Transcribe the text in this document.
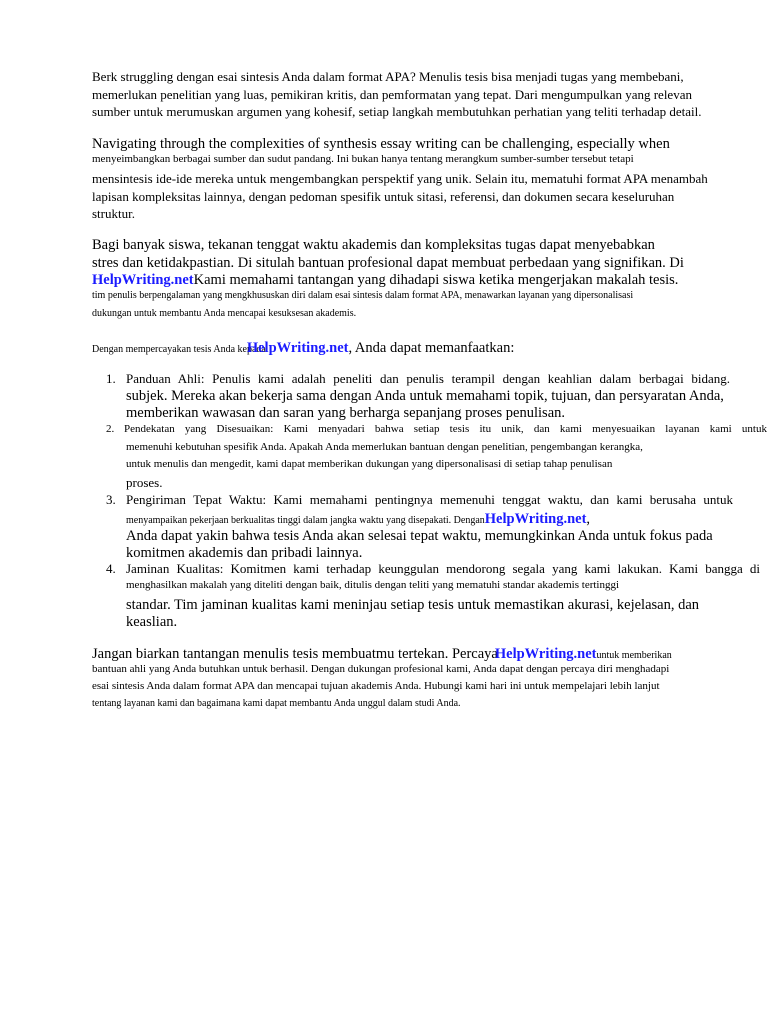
Berk struggling dengan esai sintesis Anda dalam format APA? Menulis tesis bisa menjadi tugas yang membebani,
memerlukan penelitian yang luas, pemikiran kritis, dan pemformatan yang tepat. Dari mengumpulkan yang relevan
sumber untuk merumuskan argumen yang kohesif, setiap langkah membutuhkan perhatian yang teliti terhadap detail.
Navigating through the complexities of synthesis essay writing can be challenging, especially when
menyeimbangkan berbagai sumber dan sudut pandang. Ini bukan hanya tentang merangkum sumber-sumber tersebut tetapi
mensintesis ide-ide mereka untuk mengembangkan perspektif yang unik. Selain itu, mematuhi format APA menambah
lapisan kompleksitas lainnya, dengan pedoman spesifik untuk sitasi, referensi, dan dokumen secara keseluruhan
struktur.
Bagi banyak siswa, tekanan tenggat waktu akademis dan kompleksitas tugas dapat menyebabkan
stres dan ketidakpastian. Di situlah bantuan profesional dapat membuat perbedaan yang signifikan. Di
HelpWriting.netKami memahami tantangan yang dihadapi siswa ketika mengerjakan makalah tesis.
tim penulis berpengalaman yang mengkhususkan diri dalam esai sintesis dalam format APA, menawarkan layanan yang dipersonalisasi
dukungan untuk membantu Anda mencapai kesuksesan akademis.
Dengan mempercayakan tesis Anda kepadaHelpWriting.net, Anda dapat memanfaatkan:
1. Panduan Ahli: Penulis kami adalah peneliti dan penulis terampil dengan keahlian dalam berbagai bidang.
subjek. Mereka akan bekerja sama dengan Anda untuk memahami topik, tujuan, dan persyaratan Anda,
memberikan wawasan dan saran yang berharga sepanjang proses penulisan.
2. Pendekatan yang Disesuaikan: Kami menyadari bahwa setiap tesis itu unik, dan kami menyesuaikan layanan kami untuk
memenuhi kebutuhan spesifik Anda. Apakah Anda memerlukan bantuan dengan penelitian, pengembangan kerangka,
untuk menulis dan mengedit, kami dapat memberikan dukungan yang dipersonalisasi di setiap tahap penulisan
proses.
3. Pengiriman Tepat Waktu: Kami memahami pentingnya memenuhi tenggat waktu, dan kami berusaha untuk
menyampaikan pekerjaan berkualitas tinggi dalam jangka waktu yang disepakati. DenganHelpWriting.net,
Anda dapat yakin bahwa tesis Anda akan selesai tepat waktu, memungkinkan Anda untuk fokus pada
komitmen akademis dan pribadi lainnya.
4. Jaminan Kualitas: Komitmen kami terhadap keunggulan mendorong segala yang kami lakukan. Kami bangga di
menghasilkan makalah yang diteliti dengan baik, ditulis dengan teliti yang mematuhi standar akademis tertinggi
standar. Tim jaminan kualitas kami meninjau setiap tesis untuk memastikan akurasi, kejelasan, dan
keaslian.
Jangan biarkan tantangan menulis tesis membuatmu tertekan. PercayaHelpWriting.netuntuk memberikan
bantuan ahli yang Anda butuhkan untuk berhasil. Dengan dukungan profesional kami, Anda dapat dengan percaya diri menghadapi
esai sintesis Anda dalam format APA dan mencapai tujuan akademis Anda. Hubungi kami hari ini untuk mempelajari lebih lanjut
tentang layanan kami dan bagaimana kami dapat membantu Anda unggul dalam studi Anda.
